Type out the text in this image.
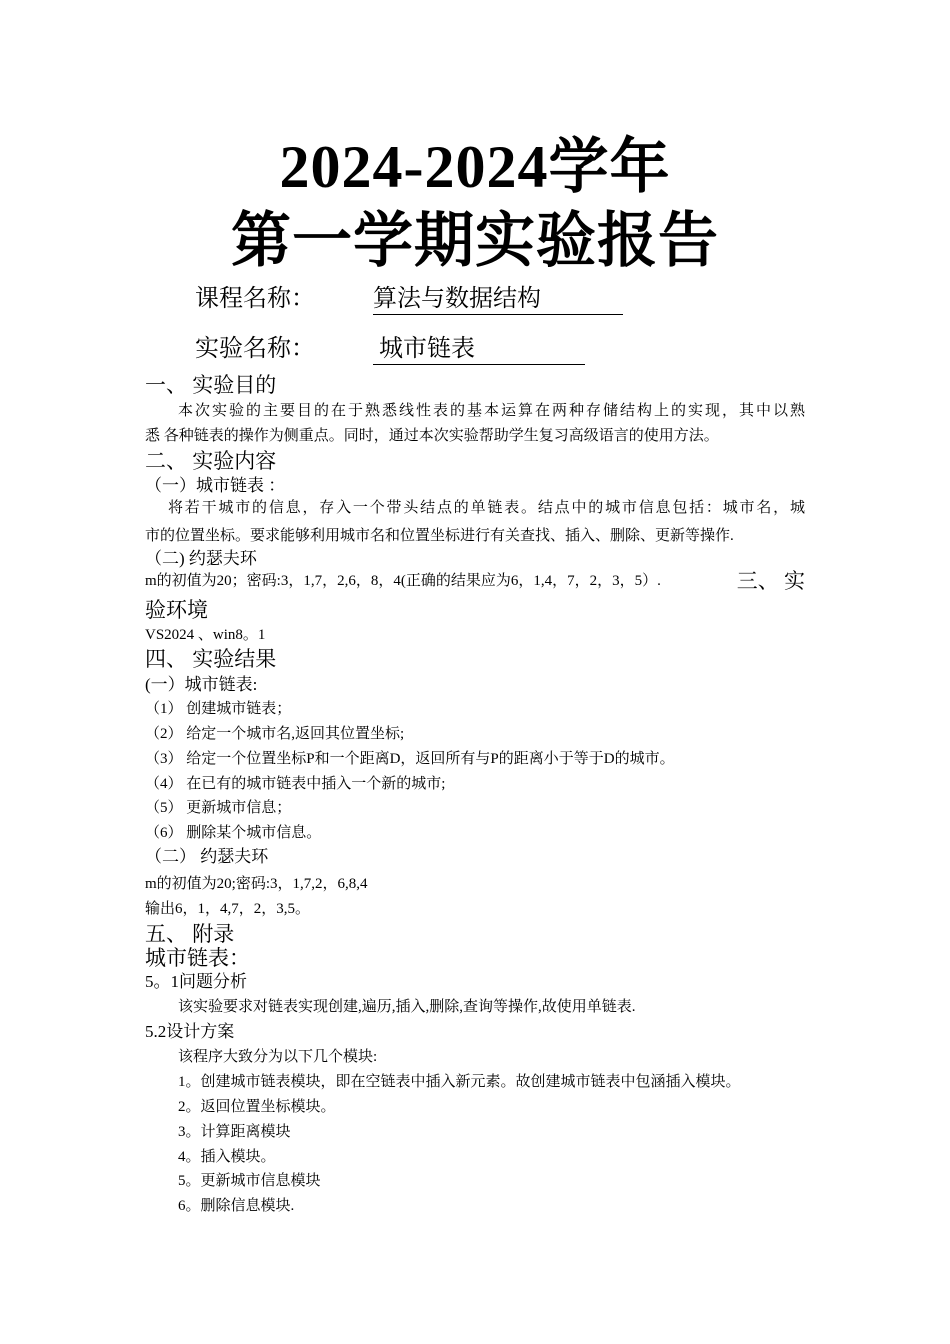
2024-2024学年
第一学期实验报告
课程名称： 算法与数据结构
实验名称：	城市链表
一、 实验目的
本次实验的主要目的在于熟悉线性表的基本运算在两种存储结构上的实现，其中以熟
悉 各种链表的操作为侧重点。同时，通过本次实验帮助学生复习高级语言的使用方法。
二、 实验内容
（一）城市链表 ：
将若干城市的信息，存入一个带头结点的单链表。结点中的城市信息包括：城市名，城
市的位置坐标。要求能够利用城市名和位置坐标进行有关查找、插入、删除、更新等操作.
（二) 约瑟夫环
m的初值为20；密码:3，1,7，2,6，8，4(正确的结果应为6，1,4，7，2，3，5）.	三、 实
验环境
VS2024 、win8。1
四、 实验结果
(一）城市链表:
（1） 创建城市链表；
（2） 给定一个城市名,返回其位置坐标;
（3） 给定一个位置坐标P和一个距离D，返回所有与P的距离小于等于D的城市。
（4） 在已有的城市链表中插入一个新的城市;
（5） 更新城市信息；
（6） 删除某个城市信息。
（二） 约瑟夫环
m的初值为20;密码:3，1,7,2，6,8,4
输出6，1，4,7，2，3,5。
五、 附录
城市链表：
5。1问题分析
该实验要求对链表实现创建,遍历,插入,删除,查询等操作,故使用单链表.
5.2设计方案
该程序大致分为以下几个模块:
1。创建城市链表模块，即在空链表中插入新元素。故创建城市链表中包涵插入模块。
2。返回位置坐标模块。
3。计算距离模块
4。插入模块。
5。更新城市信息模块
6。删除信息模块.
